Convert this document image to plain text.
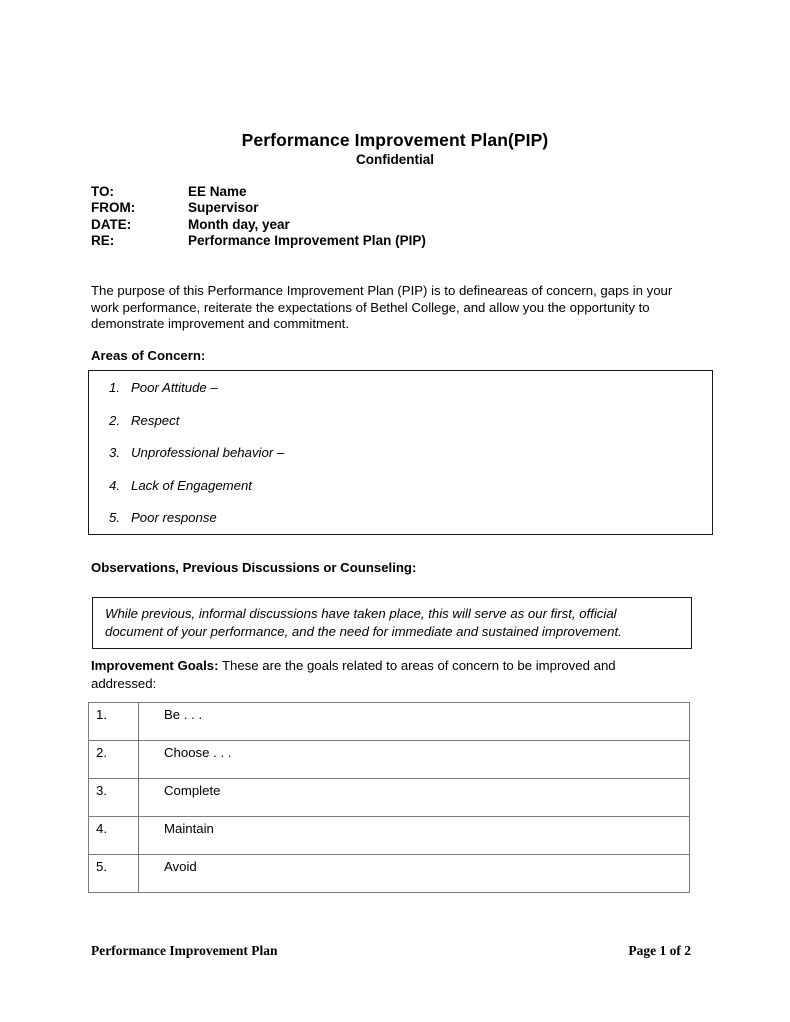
Performance Improvement Plan(PIP)
Confidential
TO:	EE Name
FROM:	Supervisor
DATE:	Month day, year
RE:	Performance Improvement Plan (PIP)
The purpose of this Performance Improvement Plan (PIP) is to defineareas of concern, gaps in your work performance, reiterate the expectations of Bethel College, and allow you the opportunity to demonstrate improvement and commitment.
Areas of Concern:
1. Poor Attitude –
2. Respect
3. Unprofessional behavior –
4. Lack of Engagement
5. Poor response
Observations, Previous Discussions or Counseling:
While previous, informal discussions have taken place, this will serve as our first, official document of your performance, and the need for immediate and sustained improvement.
Improvement Goals: These are the goals related to areas of concern to be improved and addressed:
1.	Be . . .
2.	Choose . . .
3.	Complete
4.	Maintain
5.	Avoid
Performance Improvement Plan	Page 1 of 2
